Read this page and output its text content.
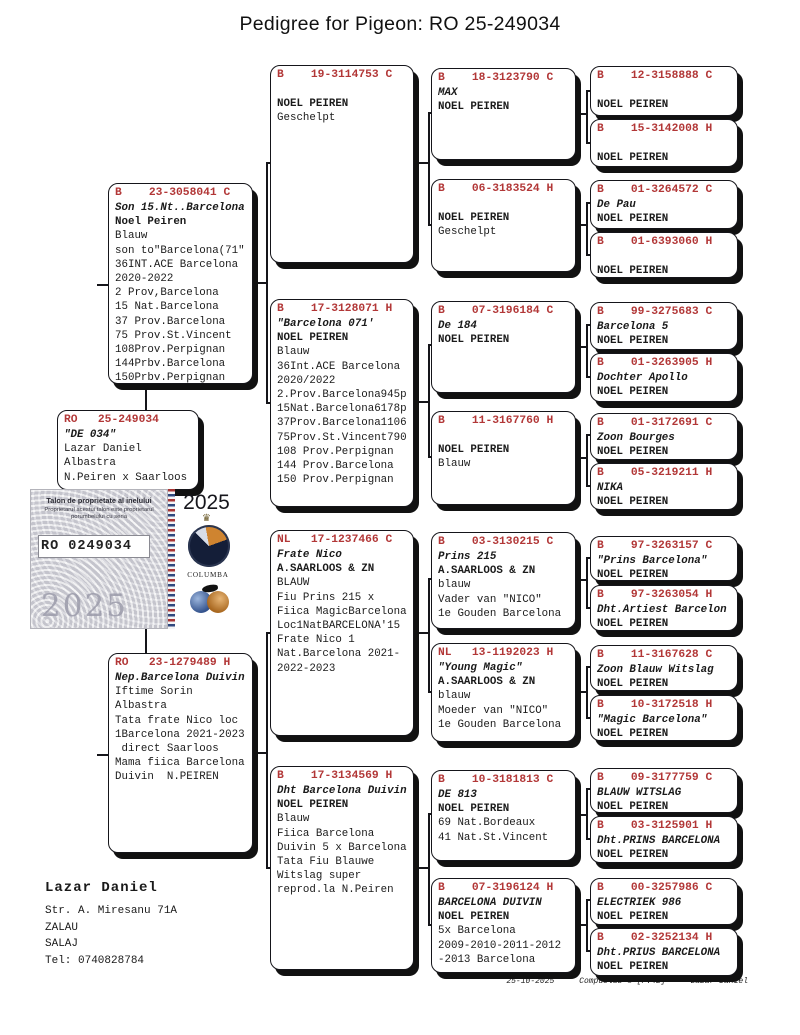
Pedigree for Pigeon: RO 25-249034
RO   25-249034
"DE 034"
Lazar Daniel
Albastra
N.Peiren x Saarloos
B    23-3058041 C
Son 15.Nt..Barcelona
Noel Peiren
Blauw
son to"Barcelona(71"
36INT.ACE Barcelona
2020-2022
2 Prov,Barcelona
15 Nat.Barcelona
37 Prov.Barcelona
75 Prov.St.Vincent
108Prov.Perpignan
144Prbv.Barcelona
150Prbv.Perpignan
RO   23-1279489 H
Nep.Barcelona Duivin
Iftime Sorin
Albastra
Tata frate Nico loc
1Barcelona 2021-2023
direct Saarloos
Mama fiica Barcelona
Duivin  N.PEIREN
B    19-3114753 C

NOEL PEIREN
Geschelpt
B    17-3128071 H
"Barcelona 071'
NOEL PEIREN
Blauw
36Int.ACE Barcelona
2020/2022
2.Prov.Barcelona945p
15Nat.Barcelona6178p
37Prov.Barcelona1106
75Prov.St.Vincent790
108 Prov.Perpignan
144 Prov.Barcelona
150 Prov.Perpignan
NL   17-1237466 C
Frate Nico
A.SAARLOOS & ZN
BLAUW
Fiu Prins 215 x
Fiica MagicBarcelona
Loc1NatBARCELONA'15
Frate Nico 1
Nat.Barcelona 2021-
2022-2023
B    17-3134569 H
Dht Barcelona Duivin
NOEL PEIREN
Blauw
Fiica Barcelona
Duivin 5 x Barcelona
Tata Fiu Blauwe
Witslag super
reprod.la N.Peiren
B    18-3123790 C
MAX
NOEL PEIREN
B    06-3183524 H

NOEL PEIREN
Geschelpt
B    07-3196184 C
De 184
NOEL PEIREN
B    11-3167760 H

NOEL PEIREN
Blauw
B    03-3130215 C
Prins 215
A.SAARLOOS & ZN
blauw
Vader van "NICO"
1e Gouden Barcelona
NL   13-1192023 H
"Young Magic"
A.SAARLOOS & ZN
blauw
Moeder van "NICO"
1e Gouden Barcelona
B    10-3181813 C
DE 813
NOEL PEIREN
69 Nat.Bordeaux
41 Nat.St.Vincent
B    07-3196124 H
BARCELONA DUIVIN
NOEL PEIREN
5x Barcelona
2009-2010-2011-2012
-2013 Barcelona
B    12-3158888 C

NOEL PEIREN
B    15-3142008 H

NOEL PEIREN
B    01-3264572 C
De Pau
NOEL PEIREN
B    01-6393060 H

NOEL PEIREN
B    99-3275683 C
Barcelona 5
NOEL PEIREN
B    01-3263905 H
Dochter Apollo
NOEL PEIREN
B    01-3172691 C
Zoon Bourges
NOEL PEIREN
B    05-3219211 H
NIKA
NOEL PEIREN
B    97-3263157 C
"Prins Barcelona"
NOEL PEIREN
B    97-3263054 H
Dht.Artiest Barcelon
NOEL PEIREN
B    11-3167628 C
Zoon Blauw Witslag
NOEL PEIREN
B    10-3172518 H
"Magic Barcelona"
NOEL PEIREN
B    09-3177759 C
BLAUW WITSLAG
NOEL PEIREN
B    03-3125901 H
Dht.PRINS BARCELONA
NOEL PEIREN
B    00-3257986 C
ELECTRIEK 986
NOEL PEIREN
B    02-3252134 H
Dht.PRIUS BARCELONA
NOEL PEIREN
Talon de proprietate al inelului
Proprietarul acestui talon este proprietarul porumbelului cu seria
RO 0249034
2025
2025
♛
COLUMBA
Lazar Daniel
Str. A. Miresanu 71A
ZALAU
SALAJ
Tel: 0740828784
25-10-2025	Compuclub © [P.42]	Lazar Daniel
